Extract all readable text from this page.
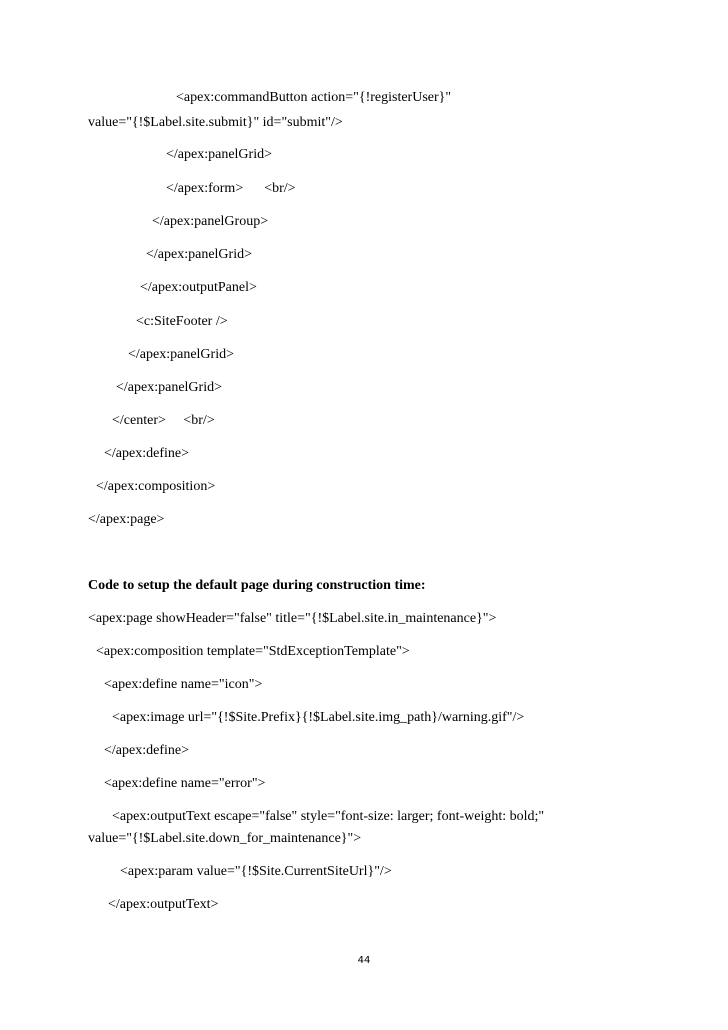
<apex:commandButton action="{!registerUser}"
value="{!$Label.site.submit}" id="submit"/>
</apex:panelGrid>
</apex:form>      <br/>
</apex:panelGroup>
</apex:panelGrid>
</apex:outputPanel>
<c:SiteFooter />
</apex:panelGrid>
</apex:panelGrid>
</center>     <br/>
</apex:define>
</apex:composition>
</apex:page>
Code to setup the default page during construction time:
<apex:page showHeader="false" title="{!$Label.site.in_maintenance}">
<apex:composition template="StdExceptionTemplate">
<apex:define name="icon">
<apex:image url="{!$Site.Prefix}{!$Label.site.img_path}/warning.gif"/>
</apex:define>
<apex:define name="error">
<apex:outputText escape="false" style="font-size: larger; font-weight: bold;"
value="{!$Label.site.down_for_maintenance}">
<apex:param value="{!$Site.CurrentSiteUrl}"/>
</apex:outputText>
44
